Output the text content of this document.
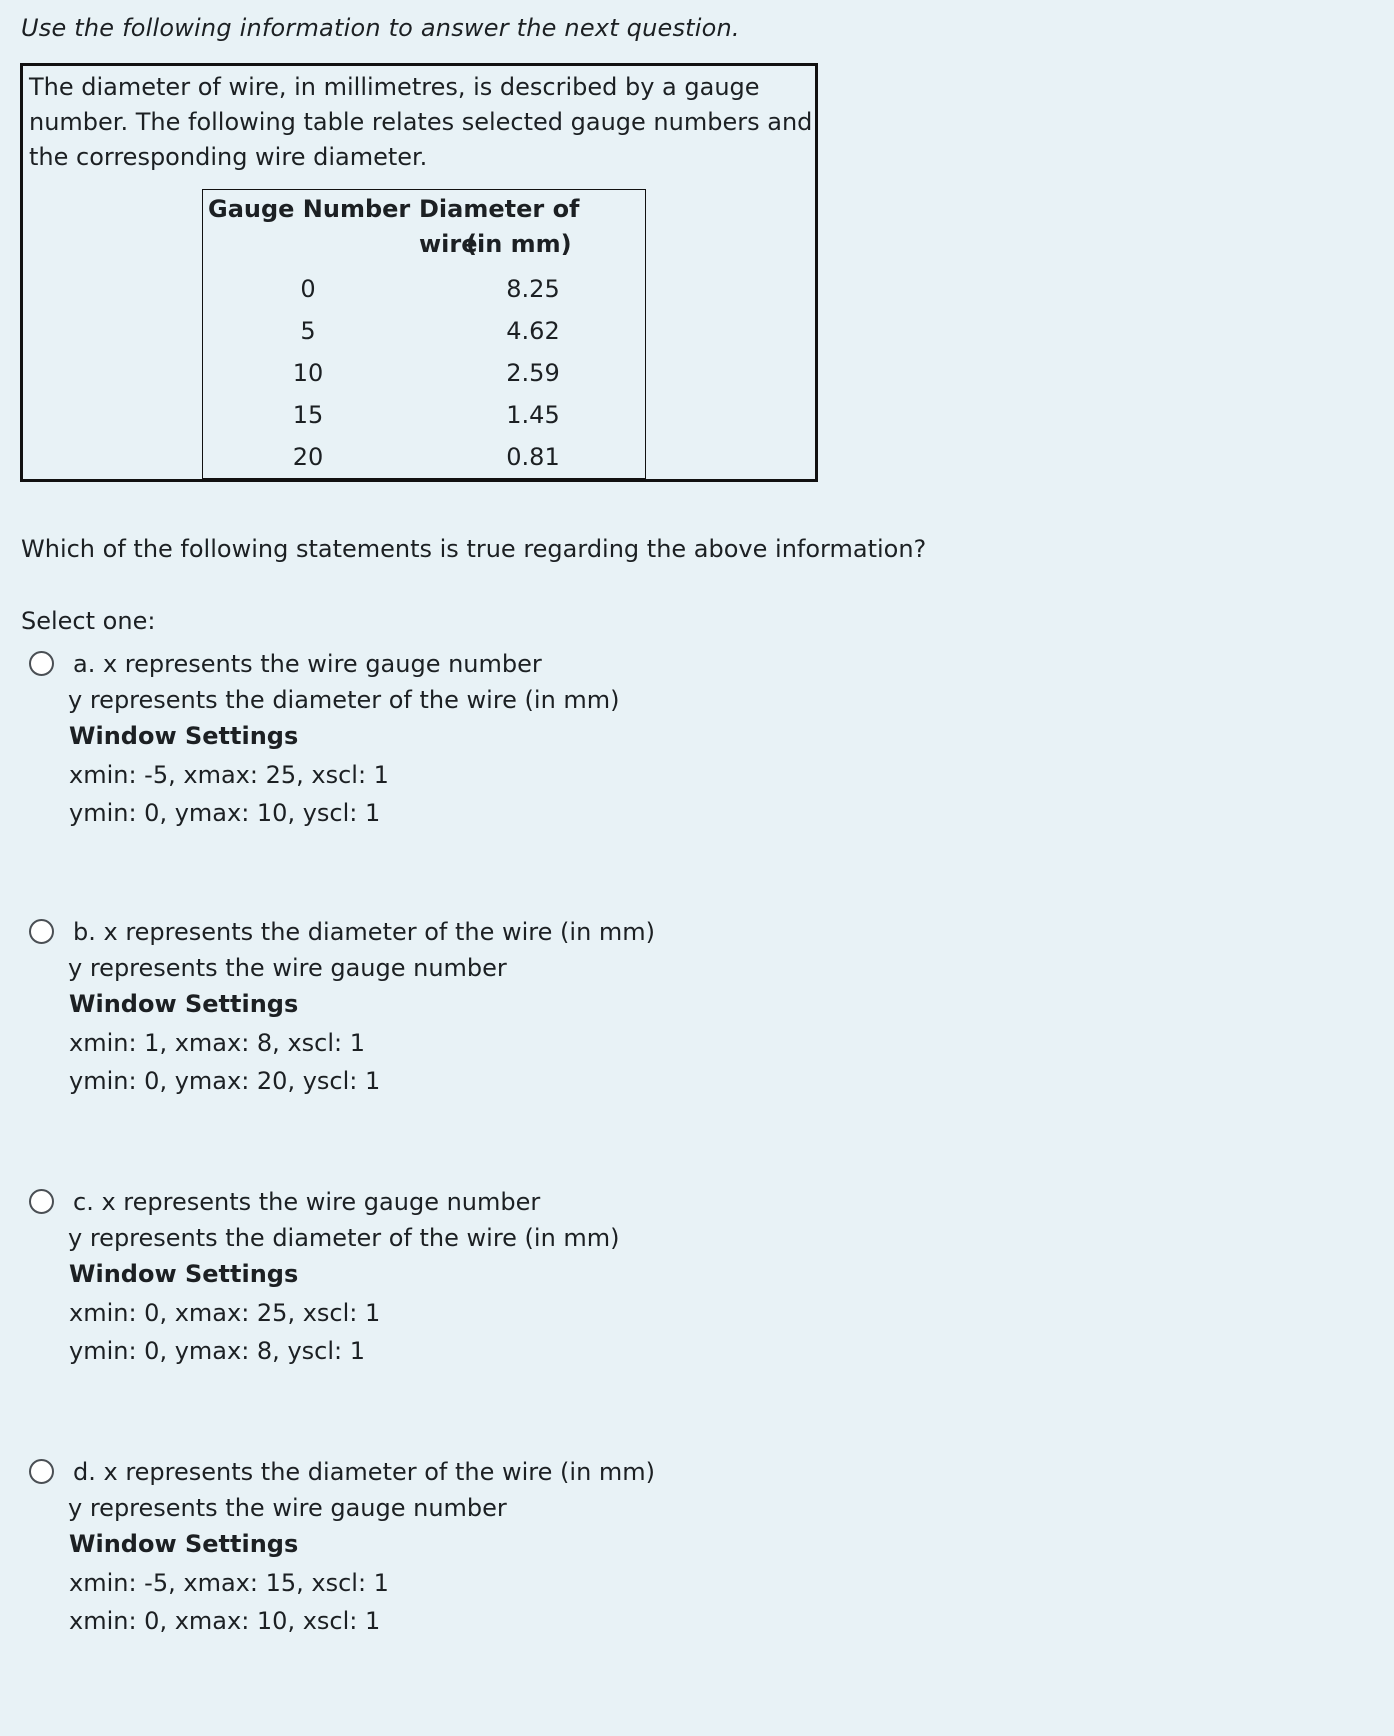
Use the following information to answer the next question.
The diameter of wire, in millimetres, is described by a gauge number. The following table relates selected gauge numbers and the corresponding wire diameter.
Gauge Number Diameter of wire
(in mm)
0	8.25
5	4.62
10	2.59
15	1.45
20	0.81
Which of the following statements is true regarding the above information?
Select one:
a. x represents the wire gauge number
y represents the diameter of the wire (in mm)
Window Settings
xmin: -5, xmax: 25, xscl: 1
ymin: 0, ymax: 10, yscl: 1
b. x represents the diameter of the wire (in mm)
y represents the wire gauge number
Window Settings
xmin: 1, xmax: 8, xscl: 1
ymin: 0, ymax: 20, yscl: 1
c. x represents the wire gauge number
y represents the diameter of the wire (in mm)
Window Settings
xmin: 0, xmax: 25, xscl: 1
ymin: 0, ymax: 8, yscl: 1
d. x represents the diameter of the wire (in mm)
y represents the wire gauge number
Window Settings
xmin: -5, xmax: 15, xscl: 1
xmin: 0, xmax: 10, xscl: 1
